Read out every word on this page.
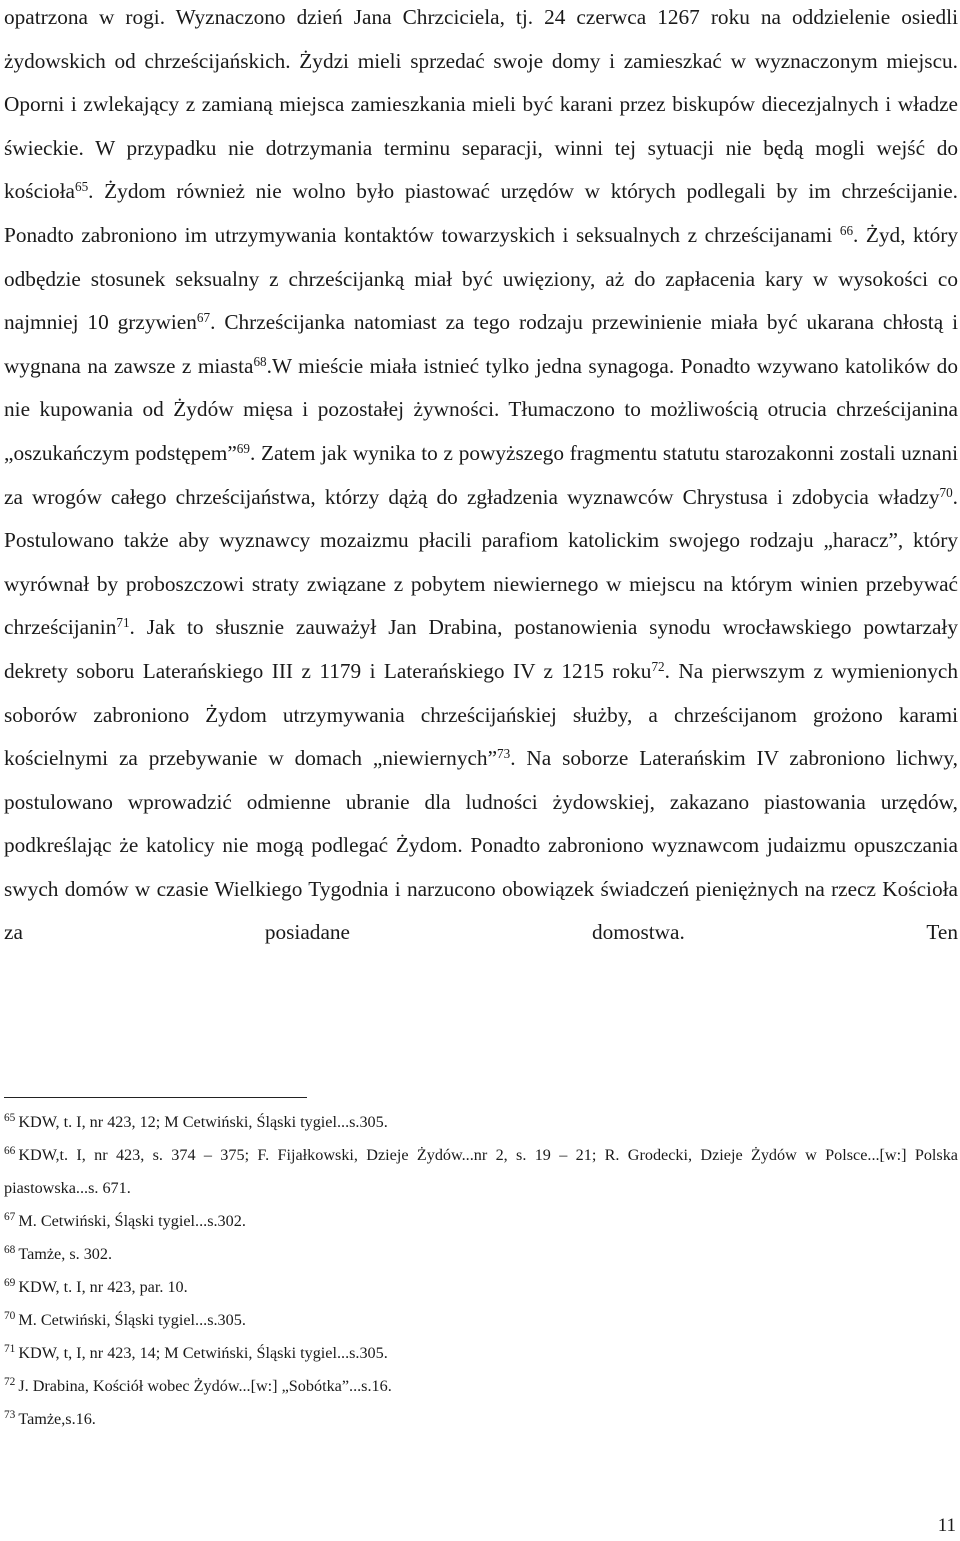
opatrzona w rogi. Wyznaczono dzień Jana Chrzciciela, tj. 24 czerwca 1267 roku na oddzielenie osiedli żydowskich od chrześcijańskich. Żydzi mieli sprzedać swoje domy i zamieszkać w wyznaczonym miejscu. Oporni i zwlekający z zamianą miejsca zamieszkania mieli być karani przez biskupów diecezjalnych i władze świeckie. W przypadku nie dotrzymania terminu separacji, winni tej sytuacji nie będą mogli wejść do kościoła$^{65}$. Żydom również nie wolno było piastować urzędów w których podlegali by im chrześcijanie. Ponadto zabroniono im utrzymywania kontaktów towarzyskich i seksualnych z chrześcijanami $^{66}$. Żyd, który odbędzie stosunek seksualny z chrześcijanką miał być uwięziony, aż do zapłacenia kary w wysokości co najmniej 10 grzywien$^{67}$. Chrześcijanka natomiast za tego rodzaju przewinienie miała być ukarana chłostą i wygnana na zawsze z miasta$^{68}$.W mieście miała istnieć tylko jedna synagoga. Ponadto wzywano katolików do nie kupowania od Żydów mięsa i pozostałej żywności. Tłumaczono to możliwością otrucia chrześcijanina „oszukańczym podstępem”$^{69}$. Zatem jak wynika to z powyższego fragmentu statutu starozakonni zostali uznani za wrogów całego chrześcijaństwa, którzy dążą do zgładzenia wyznawców Chrystusa i zdobycia władzy$^{70}$. Postulowano także aby wyznawcy mozaizmu płacili parafiom katolickim swojego rodzaju „haracz”, który wyrównał by proboszczowi straty związane z pobytem niewiernego w miejscu na którym winien przebywać chrześcijanin$^{71}$. Jak to słusznie zauważył Jan Drabina, postanowienia synodu wrocławskiego powtarzały dekrety soboru Laterańskiego III z 1179 i Laterańskiego IV z 1215 roku$^{72}$. Na pierwszym z wymienionych soborów zabroniono Żydom utrzymywania chrześcijańskiej służby, a chrześcijanom grożono karami kościelnymi za przebywanie w domach „niewiernych”$^{73}$. Na soborze Laterańskim IV zabroniono lichwy, postulowano wprowadzić odmienne ubranie dla ludności żydowskiej, zakazano piastowania urzędów, podkreślając że katolicy nie mogą podlegać Żydom. Ponadto zabroniono wyznawcom judaizmu opuszczania swych domów w czasie Wielkiego Tygodnia i narzucono obowiązek świadczeń pieniężnych na rzecz Kościoła za posiadane domostwa. Ten

$^{65}$ KDW, t. I, nr 423, 12; M Cetwiński, Śląski tygiel...s.305.
$^{66}$ KDW,t. I, nr 423, s. 374 – 375; F. Fijałkowski, Dzieje Żydów...nr 2, s. 19 – 21; R. Grodecki, Dzieje Żydów w Polsce...[w:] Polska piastowska...s. 671.
$^{67}$ M. Cetwiński, Śląski tygiel...s.302.
$^{68}$ Tamże, s. 302.
$^{69}$ KDW, t. I, nr 423, par. 10.
$^{70}$ M. Cetwiński, Śląski tygiel...s.305.
$^{71}$ KDW, t, I, nr 423, 14; M Cetwiński, Śląski tygiel...s.305.
$^{72}$ J. Drabina, Kościół wobec Żydów...[w:] „Sobótka”...s.16.
$^{73}$ Tamże,s.16.
11
